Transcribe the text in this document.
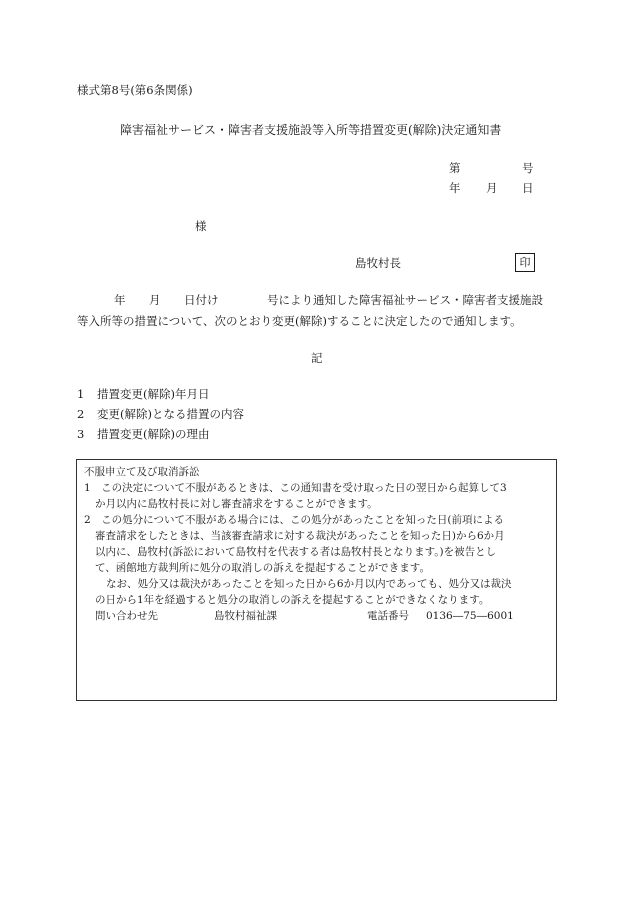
様式第8号(第6条関係)
障害福祉サービス・障害者支援施設等入所等措置変更(解除)決定通知書
第	号
年 月 日
様
島牧村長	印
年 月 日付け	号により通知した障害福祉サービス・障害者支援施設
等入所等の措置について、次のとおり変更(解除)することに決定したので通知します。
記
1 措置変更(解除)年月日
2 変更(解除)となる措置の内容
3 措置変更(解除)の理由
不服申立て及び取消訴訟
1　この決定について不服があるときは、この通知書を受け取った日の翌日から起算して3
か月以内に島牧村長に対し審査請求をすることができます。
2　この処分について不服がある場合には、この処分があったことを知った日(前項による
審査請求をしたときは、当該審査請求に対する裁決があったことを知った日)から6か月
以内に、島牧村(訴訟において島牧村を代表する者は島牧村長となります。)を被告とし
て、函館地方裁判所に処分の取消しの訴えを提起することができます。
なお、処分又は裁決があったことを知った日から6か月以内であっても、処分又は裁決
の日から1年を経過すると処分の取消しの訴えを提起することができなくなります。
問い合わせ先	島牧村福祉課	電話番号 0136―75―6001
